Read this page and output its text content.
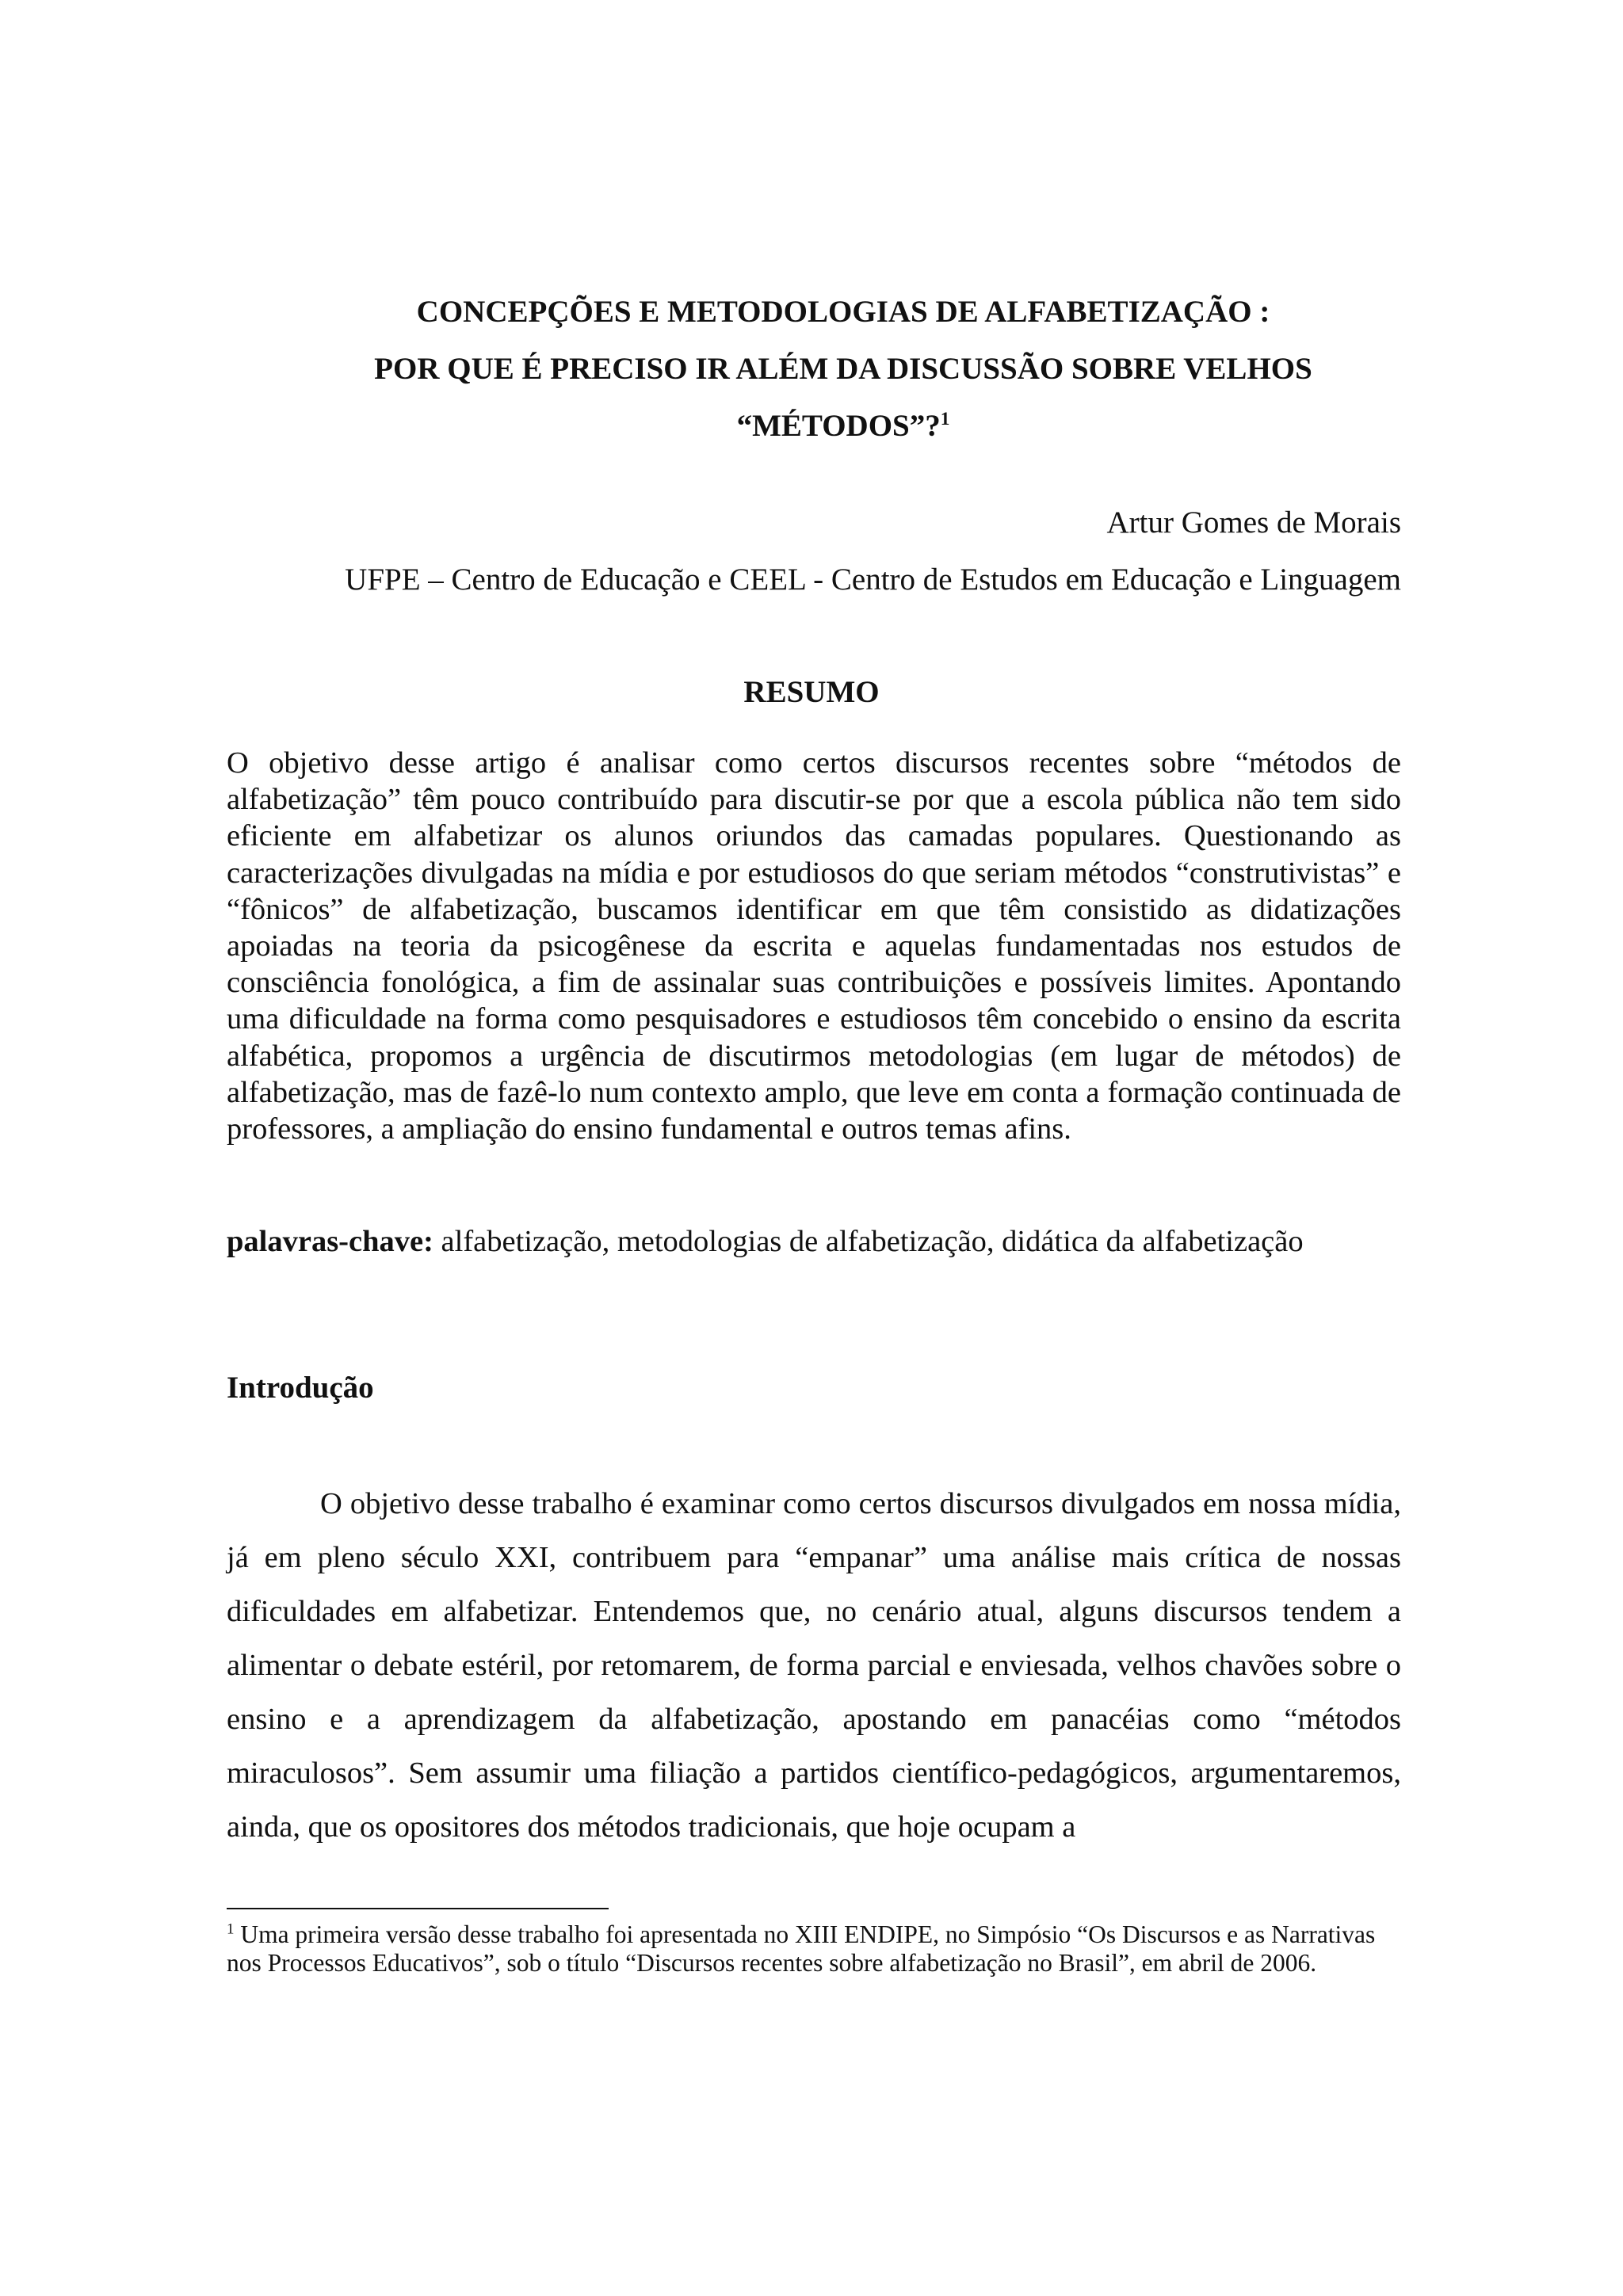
CONCEPÇÕES E METODOLOGIAS DE ALFABETIZAÇÃO :

POR QUE É PRECISO IR ALÉM DA DISCUSSÃO SOBRE VELHOS

“MÉTODOS”?$^1$

Artur Gomes de Morais
UFPE – Centro de Educação e CEEL - Centro de Estudos em Educação e Linguagem
RESUMO
O objetivo desse artigo é analisar como certos discursos recentes sobre “métodos de alfabetização” têm pouco contribuído para discutir-se por que a escola pública não tem sido eficiente em alfabetizar os alunos oriundos das camadas populares. Questionando as caracterizações divulgadas na mídia e por estudiosos do que seriam métodos “construtivistas” e “fônicos” de alfabetização, buscamos identificar em que têm consistido as didatizações apoiadas na teoria da psicogênese da escrita e aquelas fundamentadas nos estudos de consciência fonológica, a fim de assinalar suas contribuições e possíveis limites. Apontando uma dificuldade na forma como pesquisadores e estudiosos têm concebido o ensino da escrita alfabética, propomos a urgência de discutirmos metodologias (em lugar de métodos) de alfabetização, mas de fazê-lo num contexto amplo, que leve em conta a formação continuada de professores, a ampliação do ensino fundamental e outros temas afins.
palavras-chave: alfabetização, metodologias de alfabetização, didática da alfabetização
Introdução
O objetivo desse trabalho é examinar como certos discursos divulgados em nossa mídia, já em pleno século XXI, contribuem para “empanar” uma análise mais crítica de nossas dificuldades em alfabetizar. Entendemos que, no cenário atual, alguns discursos tendem a alimentar o debate estéril, por retomarem, de forma parcial e enviesada, velhos chavões sobre o ensino e a aprendizagem da alfabetização, apostando em panacéias como “métodos miraculosos”. Sem assumir uma filiação a partidos científico-pedagógicos, argumentaremos, ainda, que os opositores dos métodos tradicionais, que hoje ocupam a
$^1$ Uma primeira versão desse trabalho foi apresentada no XIII ENDIPE, no Simpósio “Os Discursos e as Narrativas nos Processos Educativos”, sob o título “Discursos recentes sobre alfabetização no Brasil”, em abril de 2006.
